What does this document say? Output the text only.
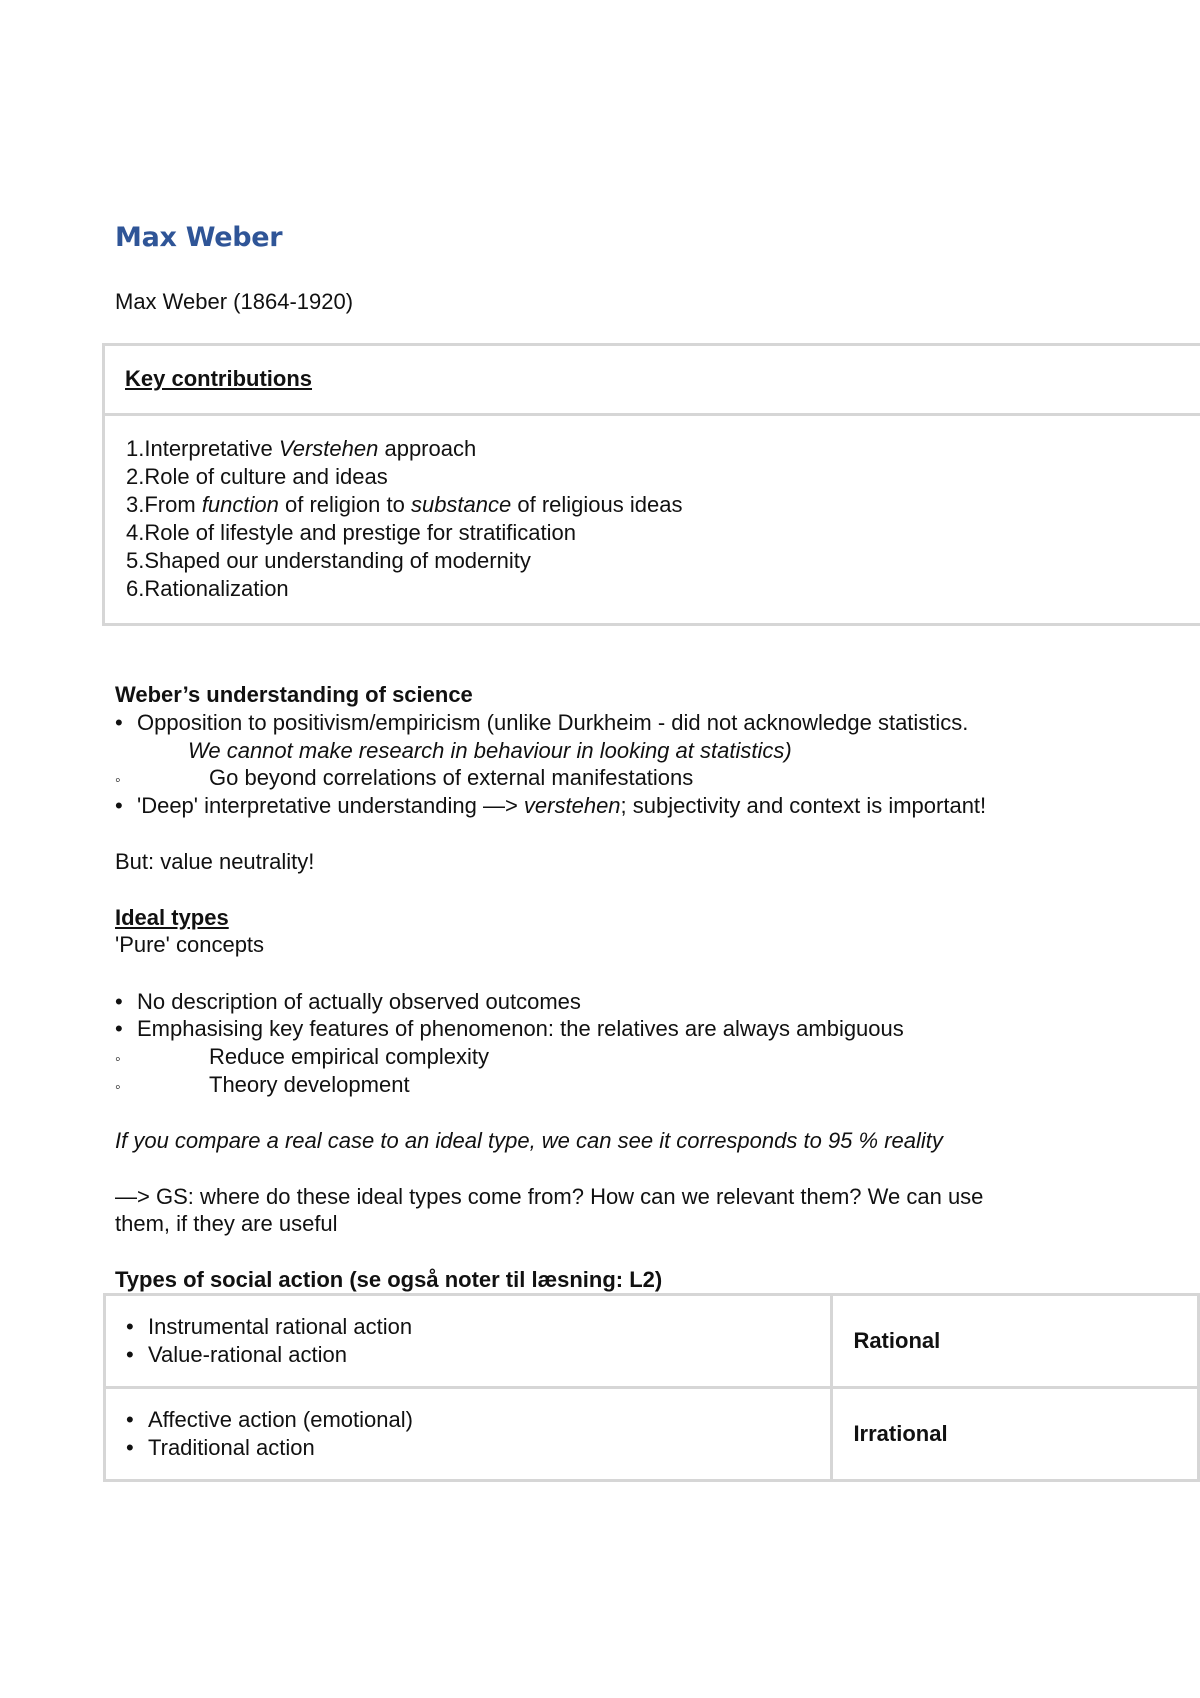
Max Weber
Max Weber (1864-1920)
Key contributions
1.Interpretative Verstehen approach
2.Role of culture and ideas
3.From function of religion to substance of religious ideas
4.Role of lifestyle and prestige for stratification
5.Shaped our understanding of modernity
6.Rationalization
Weber’s understanding of science
• Opposition to positivism/empiricism (unlike Durkheim - did not acknowledge statistics.
We cannot make research in behaviour in looking at statistics)
◦	Go beyond correlations of external manifestations
• 'Deep' interpretative understanding —> verstehen; subjectivity and context is important!
But: value neutrality!
Ideal types
'Pure' concepts
• No description of actually observed outcomes
• Emphasising key features of phenomenon: the relatives are always ambiguous
◦	Reduce empirical complexity
◦	Theory development
If you compare a real case to an ideal type, we can see it corresponds to 95 % reality
—> GS: where do these ideal types come from? How can we relevant them? We can use
them, if they are useful
Types of social action (se også noter til læsning: L2)
• Instrumental rational action
• Value-rational action	Rational

• Affective action (emotional)
• Traditional action	Irrational
